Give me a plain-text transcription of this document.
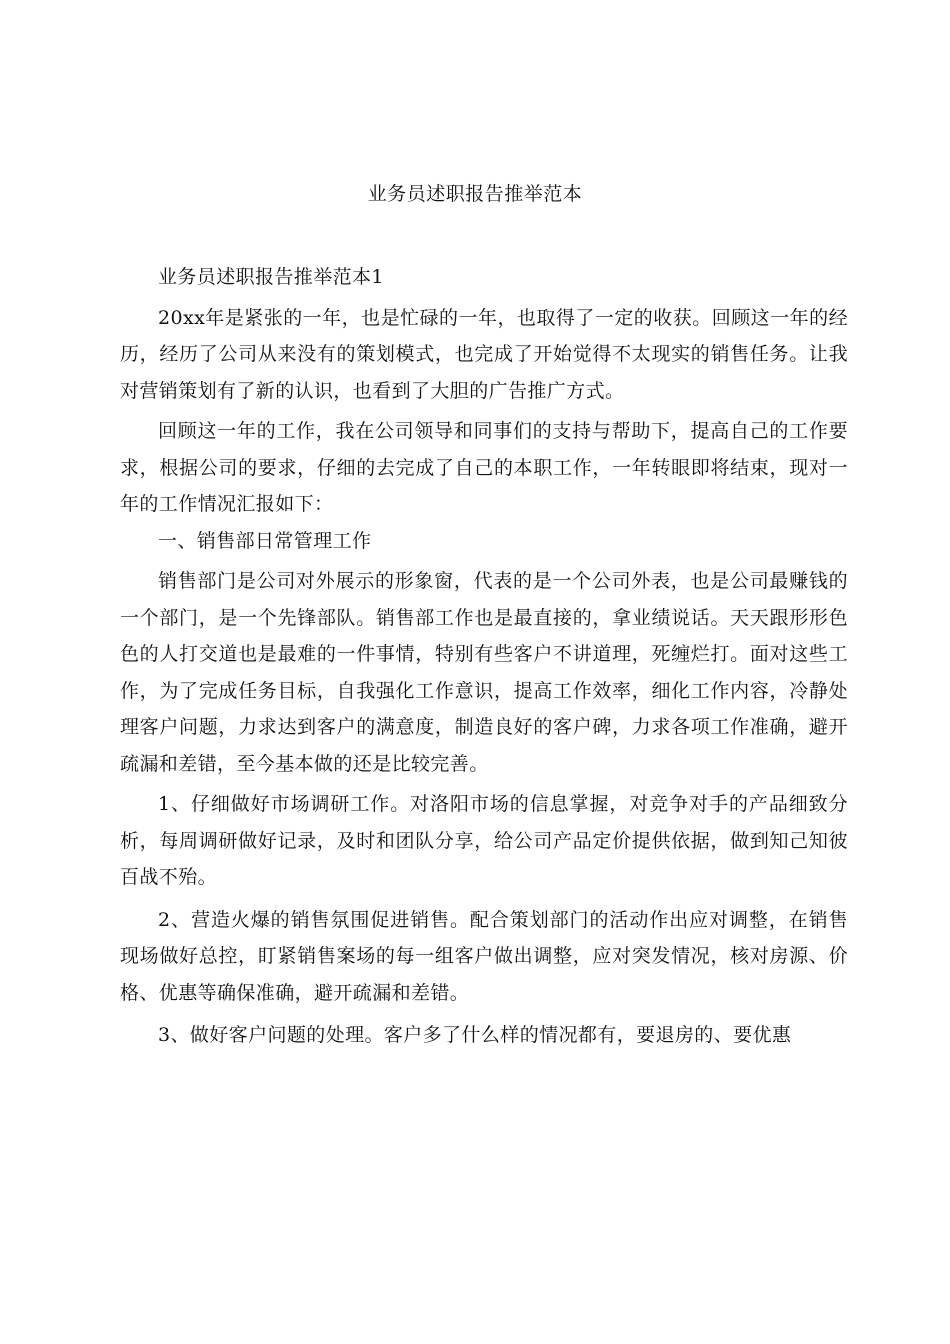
业务员述职报告推举范本

业务员述职报告推举范本1

20xx年是紧张的一年，也是忙碌的一年，也取得了一定的收获。回顾这一年的经历，经历了公司从来没有的策划模式，也完成了开始觉得不太现实的销售任务。让我对营销策划有了新的认识，也看到了大胆的广告推广方式。

回顾这一年的工作，我在公司领导和同事们的支持与帮助下，提高自己的工作要求，根据公司的要求，仔细的去完成了自己的本职工作，一年转眼即将结束，现对一年的工作情况汇报如下：

一、销售部日常管理工作

销售部门是公司对外展示的形象窗，代表的是一个公司外表，也是公司最赚钱的一个部门，是一个先锋部队。销售部工作也是最直接的，拿业绩说话。天天跟形形色色的人打交道也是最难的一件事情，特别有些客户不讲道理，死缠烂打。面对这些工作，为了完成任务目标，自我强化工作意识，提高工作效率，细化工作内容，冷静处理客户问题，力求达到客户的满意度，制造良好的客户碑，力求各项工作准确，避开疏漏和差错，至今基本做的还是比较完善。

1、仔细做好市场调研工作。对洛阳市场的信息掌握，对竞争对手的产品细致分析，每周调研做好记录，及时和团队分享，给公司产品定价提供依据，做到知己知彼百战不殆。

2、营造火爆的销售氛围促进销售。配合策划部门的活动作出应对调整，在销售现场做好总控，盯紧销售案场的每一组客户做出调整，应对突发情况，核对房源、价格、优惠等确保准确，避开疏漏和差错。

3、做好客户问题的处理。客户多了什么样的情况都有，要退房的、要优惠
